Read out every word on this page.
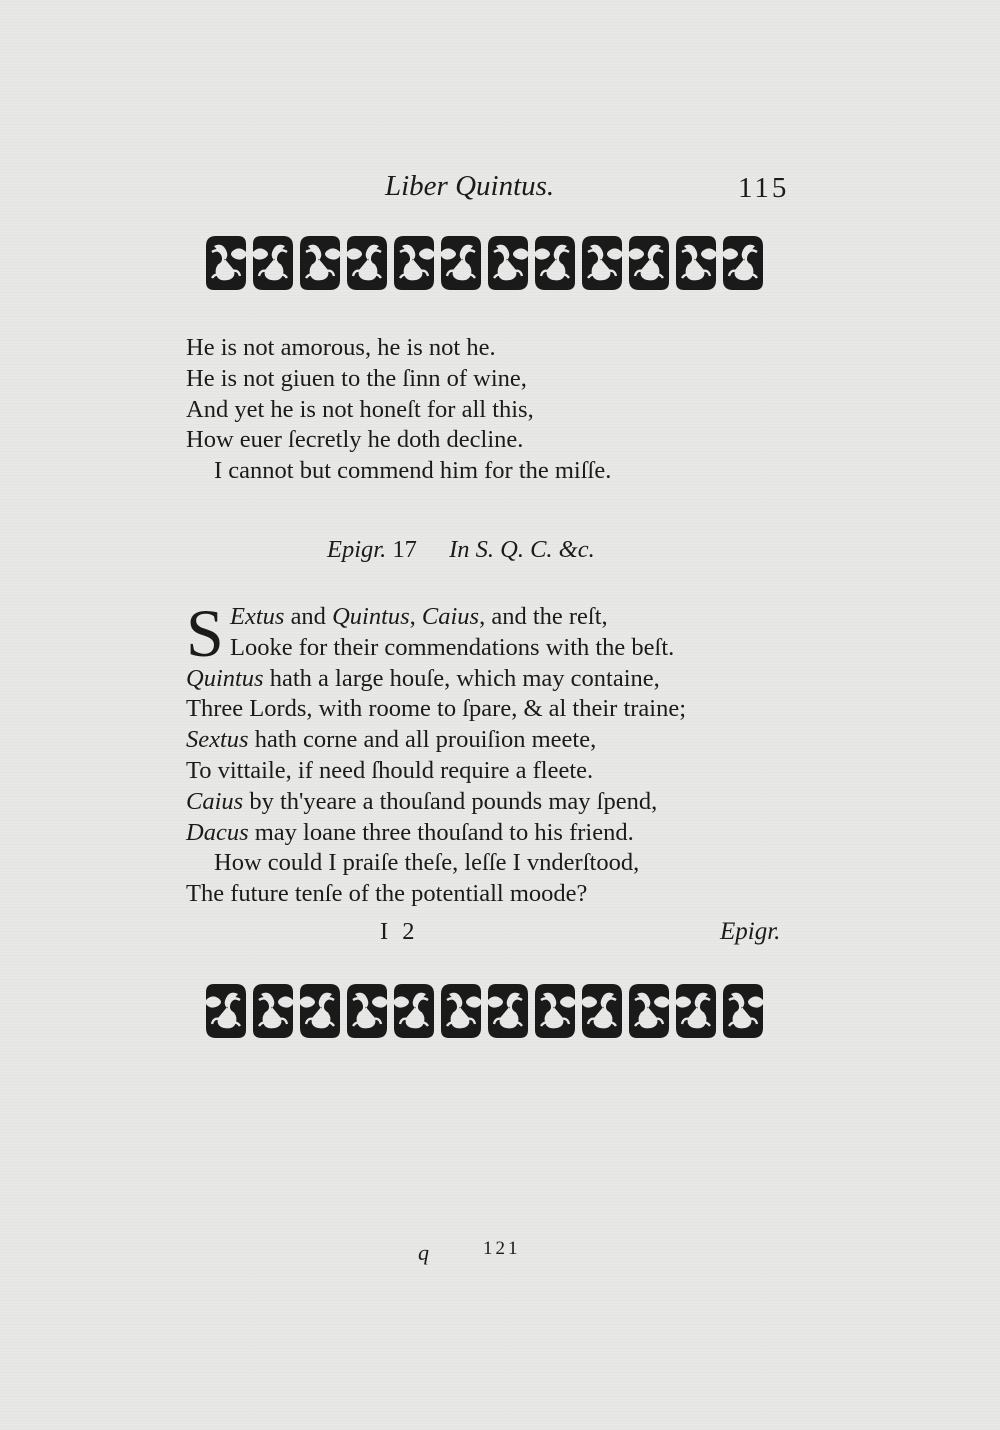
Liber Quintus.	115
He is not amorous, he is not he.
He is not giuen to the ſinn of wine,
And yet he is not honeſt for all this,
How euer ſecretly he doth decline.
I cannot but commend him for the miſſe.
Epigr. 17 In S. Q. C. &c.
S Extus and Quintus, Caius, and the reſt,
Looke for their commendations with the beſt.
Quintus hath a large houſe, which may containe,
Three Lords, with roome to ſpare, & al their traine;
Sextus hath corne and all prouiſion meete,
To vittaile, if need ſhould require a fleete.
Caius by th'yeare a thouſand pounds may ſpend,
Dacus may loane three thouſand to his friend.
How could I praiſe theſe, leſſe I vnderſtood,
The future tenſe of the potentiall moode?
I 2	Epigr.
q	121
